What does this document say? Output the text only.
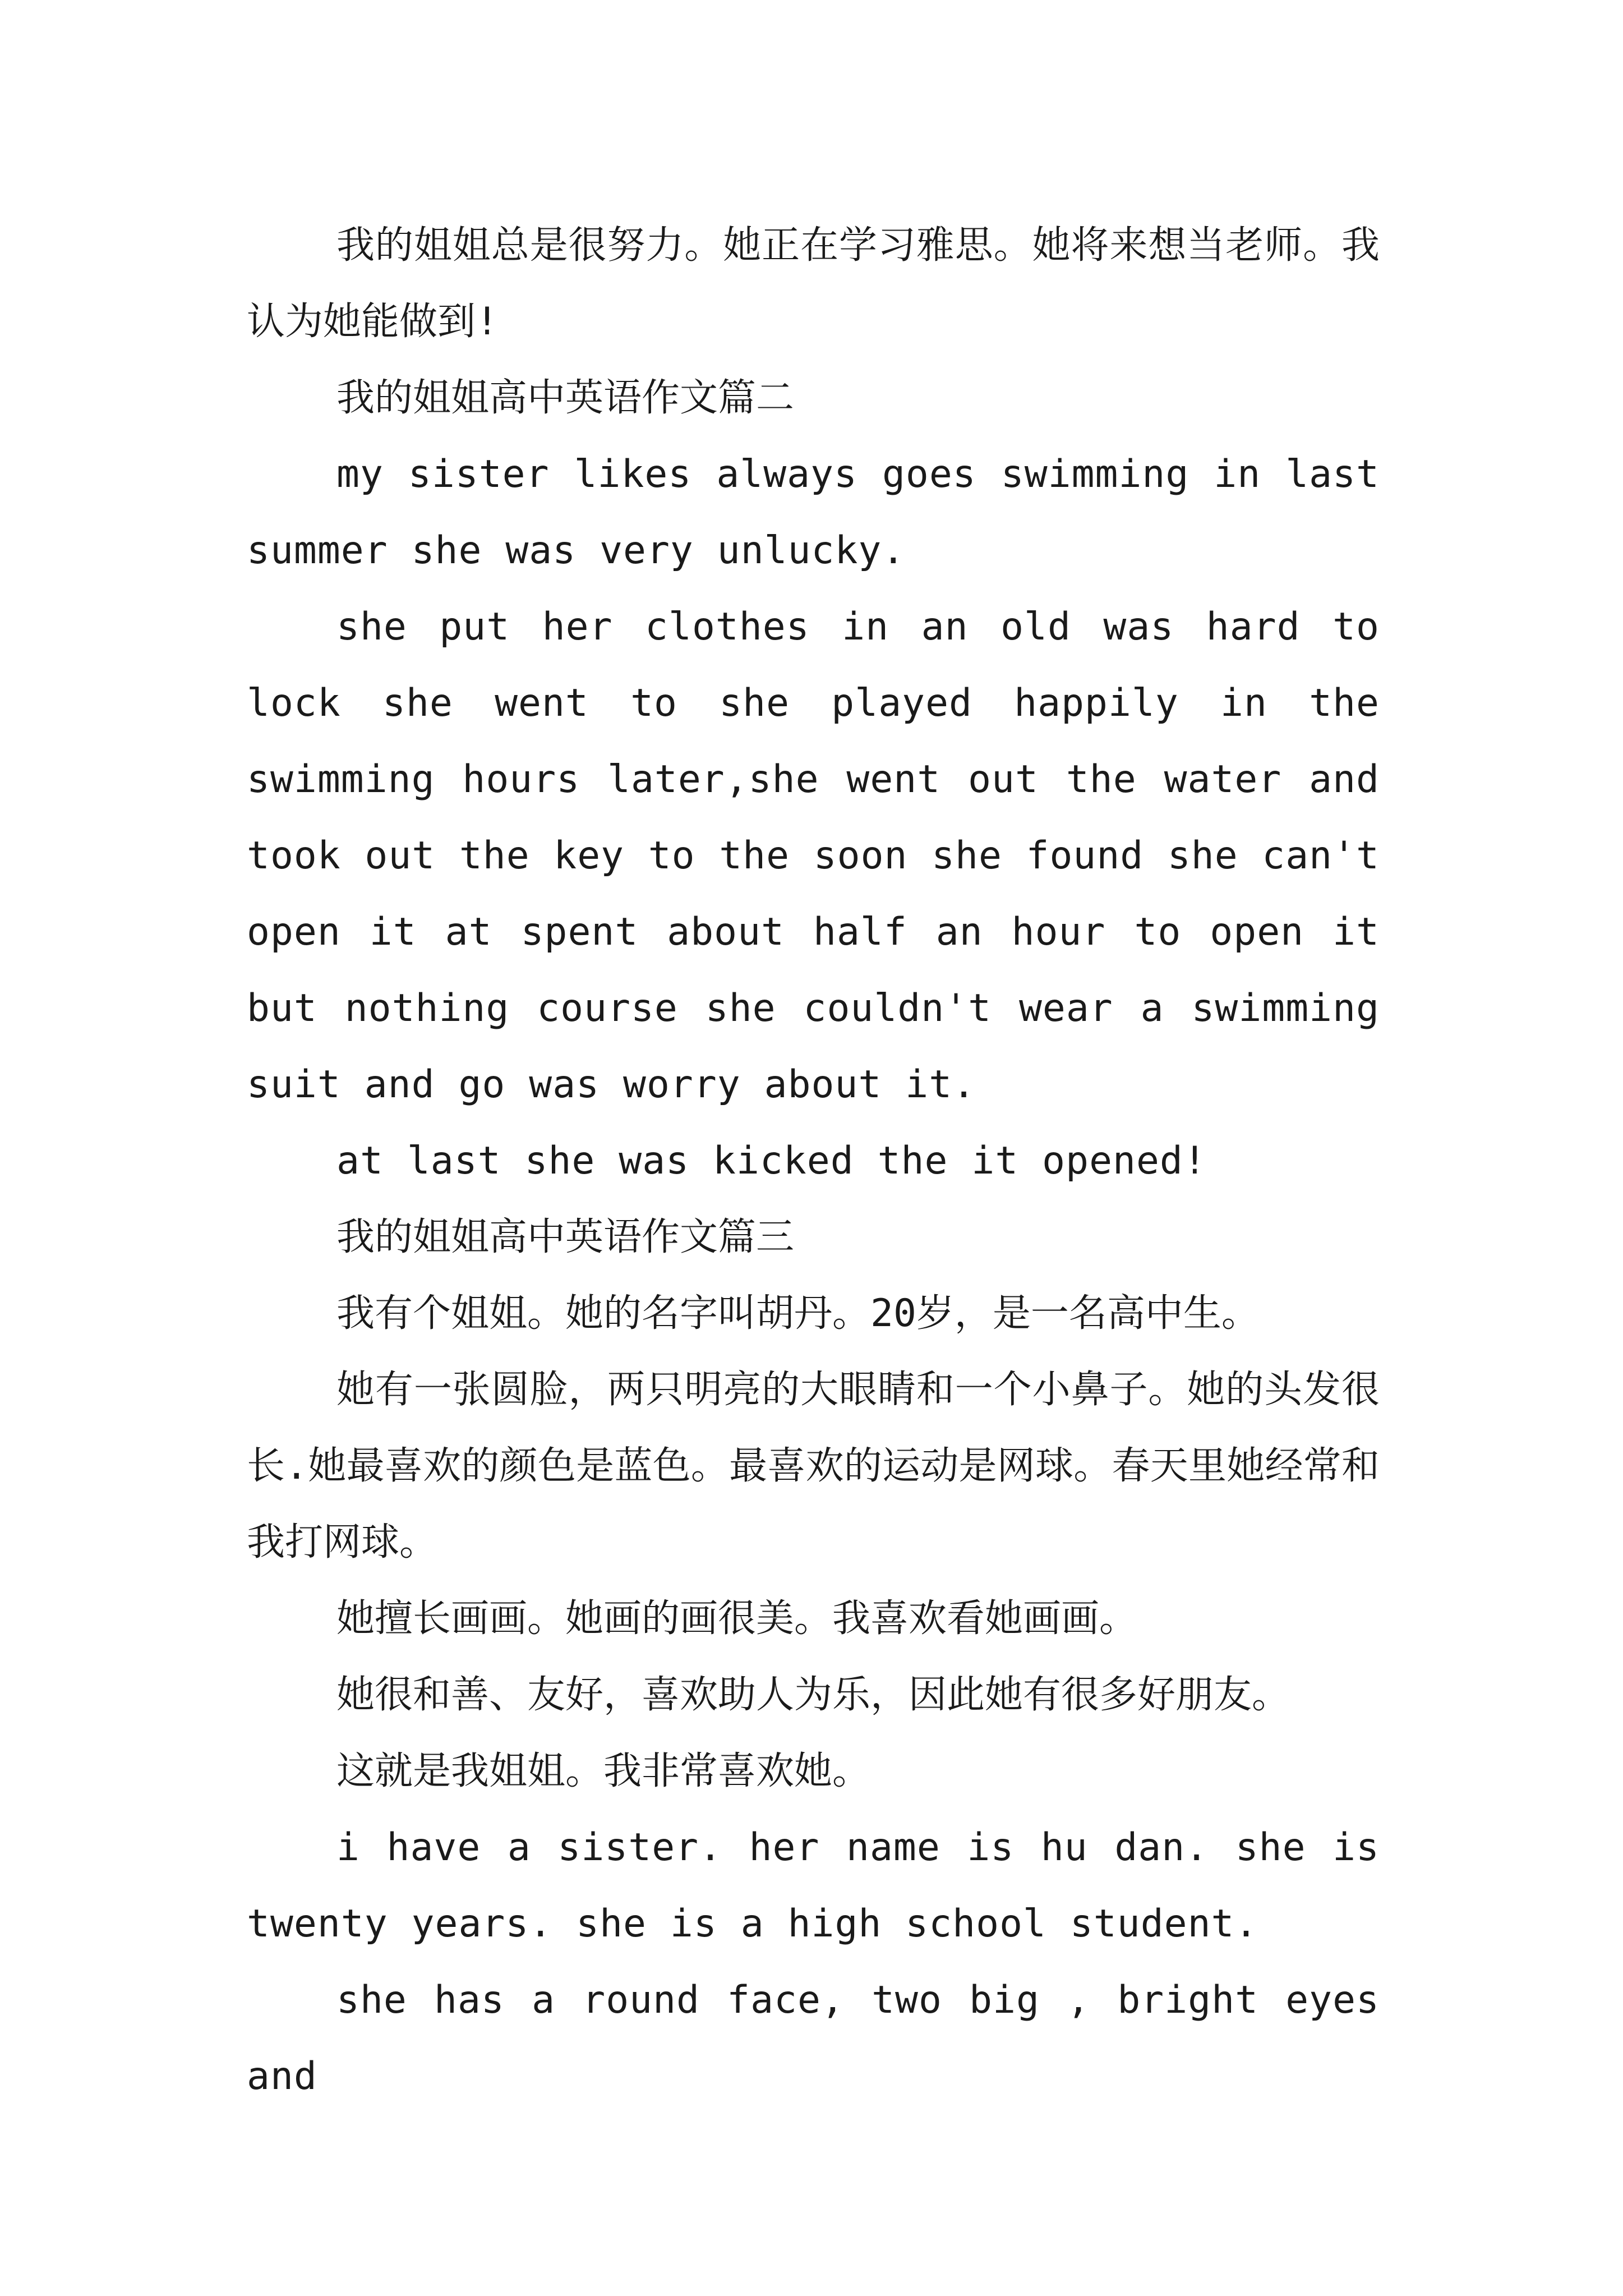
我的姐姐总是很努力。她正在学习雅思。她将来想当老师。我认为她能做到!

我的姐姐高中英语作文篇二

my sister likes always goes swimming in last summer she was very unlucky.

she put her clothes in an old was hard to lock she went to she played happily in the swimming hours later,she went out the water and took out the key to the soon she found she can't open it at spent about half an hour to open it but nothing course she couldn't wear a swimming suit and go was worry about it.

at last she was kicked the it opened!

我的姐姐高中英语作文篇三

我有个姐姐。她的名字叫胡丹。20岁，是一名高中生。

她有一张圆脸，两只明亮的大眼睛和一个小鼻子。她的头发很长.她最喜欢的颜色是蓝色。最喜欢的运动是网球。春天里她经常和我打网球。

她擅长画画。她画的画很美。我喜欢看她画画。

她很和善、友好，喜欢助人为乐，因此她有很多好朋友。

这就是我姐姐。我非常喜欢她。

i have a sister. her name is hu dan. she is twenty years. she is a high school student.

she has a round face, two big , bright eyes and
